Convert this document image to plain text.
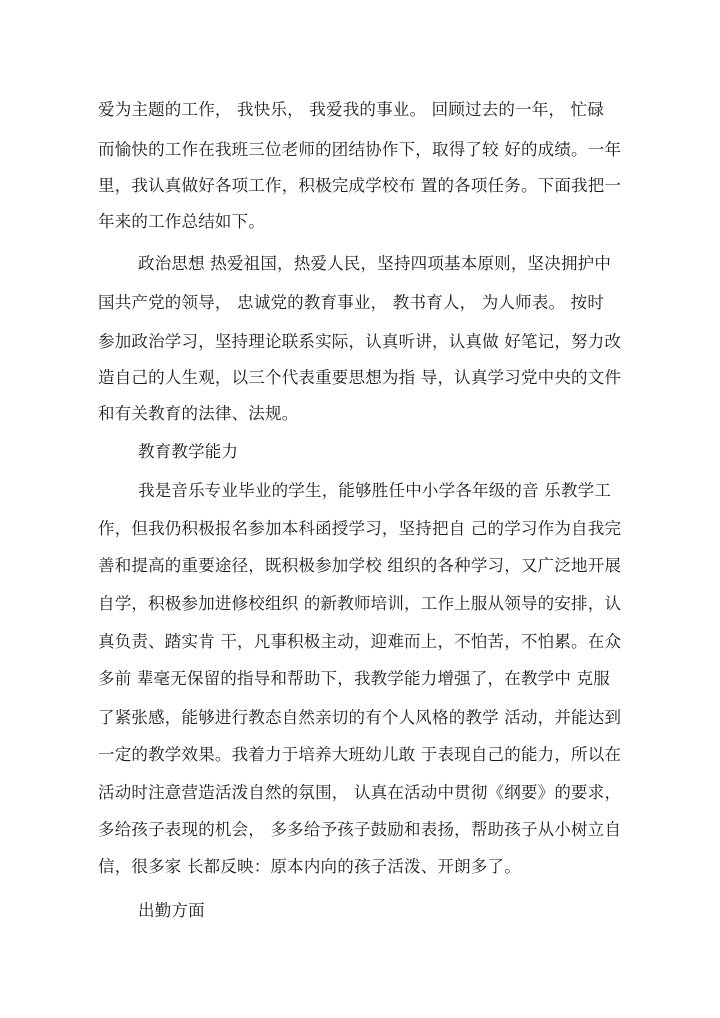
爱为主题的工作， 我快乐， 我爱我的事业。 回顾过去的一年， 忙碌
而愉快的工作在我班三位老师的团结协作下，取得了较 好的成绩。一年
里，我认真做好各项工作，积极完成学校布 置的各项任务。下面我把一
年来的工作总结如下。
政治思想 热爱祖国，热爱人民，坚持四项基本原则，坚决拥护中
国共产党的领导， 忠诚党的教育事业， 教书育人， 为人师表。 按时
参加政治学习，坚持理论联系实际，认真听讲，认真做 好笔记，努力改
造自己的人生观，以三个代表重要思想为指 导，认真学习党中央的文件
和有关教育的法律、法规。
教育教学能力
我是音乐专业毕业的学生，能够胜任中小学各年级的音 乐教学工
作，但我仍积极报名参加本科函授学习，坚持把自 己的学习作为自我完
善和提高的重要途径，既积极参加学校 组织的各种学习，又广泛地开展
自学，积极参加进修校组织 的新教师培训，工作上服从领导的安排，认
真负责、踏实肯 干，凡事积极主动，迎难而上，不怕苦，不怕累。在众
多前 辈毫无保留的指导和帮助下，我教学能力增强了，在教学中 克服
了紧张感，能够进行教态自然亲切的有个人风格的教学 活动，并能达到
一定的教学效果。我着力于培养大班幼儿敢 于表现自己的能力，所以在
活动时注意营造活泼自然的氛围， 认真在活动中贯彻《纲要》的要求，
多给孩子表现的机会， 多多给予孩子鼓励和表扬，帮助孩子从小树立自
信，很多家 长都反映：原本内向的孩子活泼、开朗多了。
出勤方面
